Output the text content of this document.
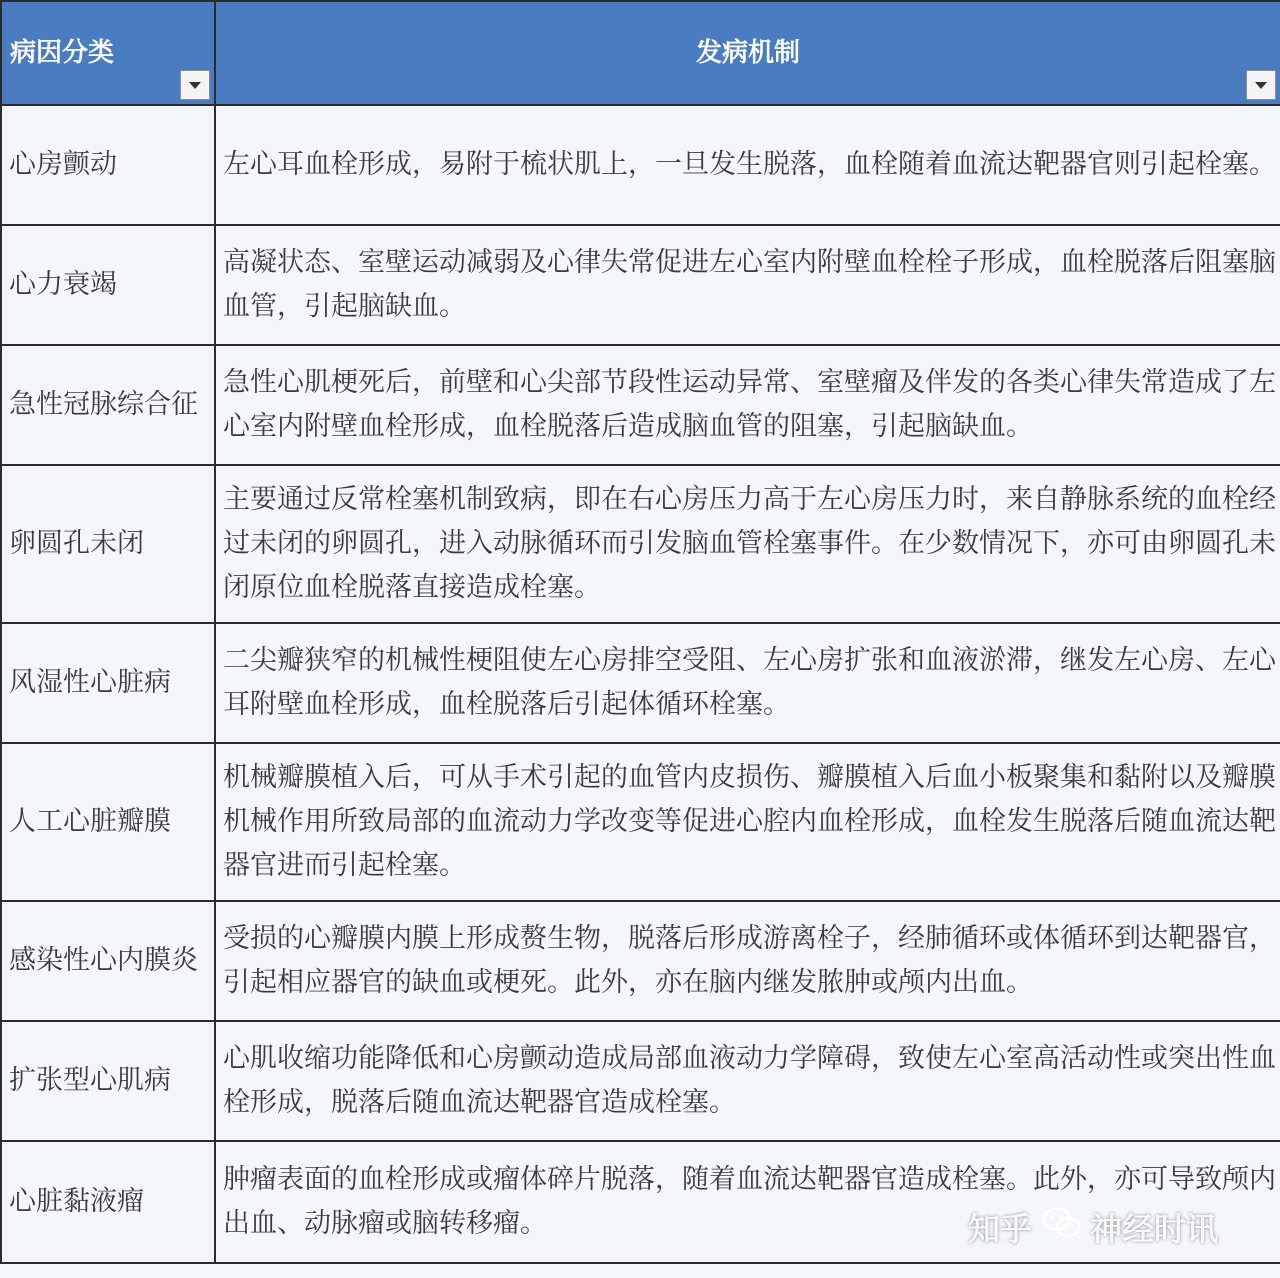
病因分类	发病机制

心房颤动	左心耳血栓形成，易附于梳状肌上，一旦发生脱落，血栓随着血流达靶器官则引起栓塞。
心力衰竭	高凝状态、室壁运动减弱及心律失常促进左心室内附壁血栓栓子形成，血栓脱落后阻塞脑血管，引起脑缺血。
急性冠脉综合征	急性心肌梗死后，前壁和心尖部节段性运动异常、室壁瘤及伴发的各类心律失常造成了左心室内附壁血栓形成，血栓脱落后造成脑血管的阻塞，引起脑缺血。
卵圆孔未闭	主要通过反常栓塞机制致病，即在右心房压力高于左心房压力时，来自静脉系统的血栓经过未闭的卵圆孔，进入动脉循环而引发脑血管栓塞事件。在少数情况下，亦可由卵圆孔未闭原位血栓脱落直接造成栓塞。
风湿性心脏病	二尖瓣狭窄的机械性梗阻使左心房排空受阻、左心房扩张和血液淤滞，继发左心房、左心耳附壁血栓形成，血栓脱落后引起体循环栓塞。
人工心脏瓣膜	机械瓣膜植入后，可从手术引起的血管内皮损伤、瓣膜植入后血小板聚集和黏附以及瓣膜机械作用所致局部的血流动力学改变等促进心腔内血栓形成，血栓发生脱落后随血流达靶器官进而引起栓塞。
感染性心内膜炎	受损的心瓣膜内膜上形成赘生物，脱落后形成游离栓子，经肺循环或体循环到达靶器官，引起相应器官的缺血或梗死。此外，亦在脑内继发脓肿或颅内出血。
扩张型心肌病	心肌收缩功能降低和心房颤动造成局部血液动力学障碍，致使左心室高活动性或突出性血栓形成，脱落后随血流达靶器官造成栓塞。
心脏黏液瘤	肿瘤表面的血栓形成或瘤体碎片脱落，随着血流达靶器官造成栓塞。此外，亦可导致颅内出血、动脉瘤或脑转移瘤。	知乎 神经时讯
